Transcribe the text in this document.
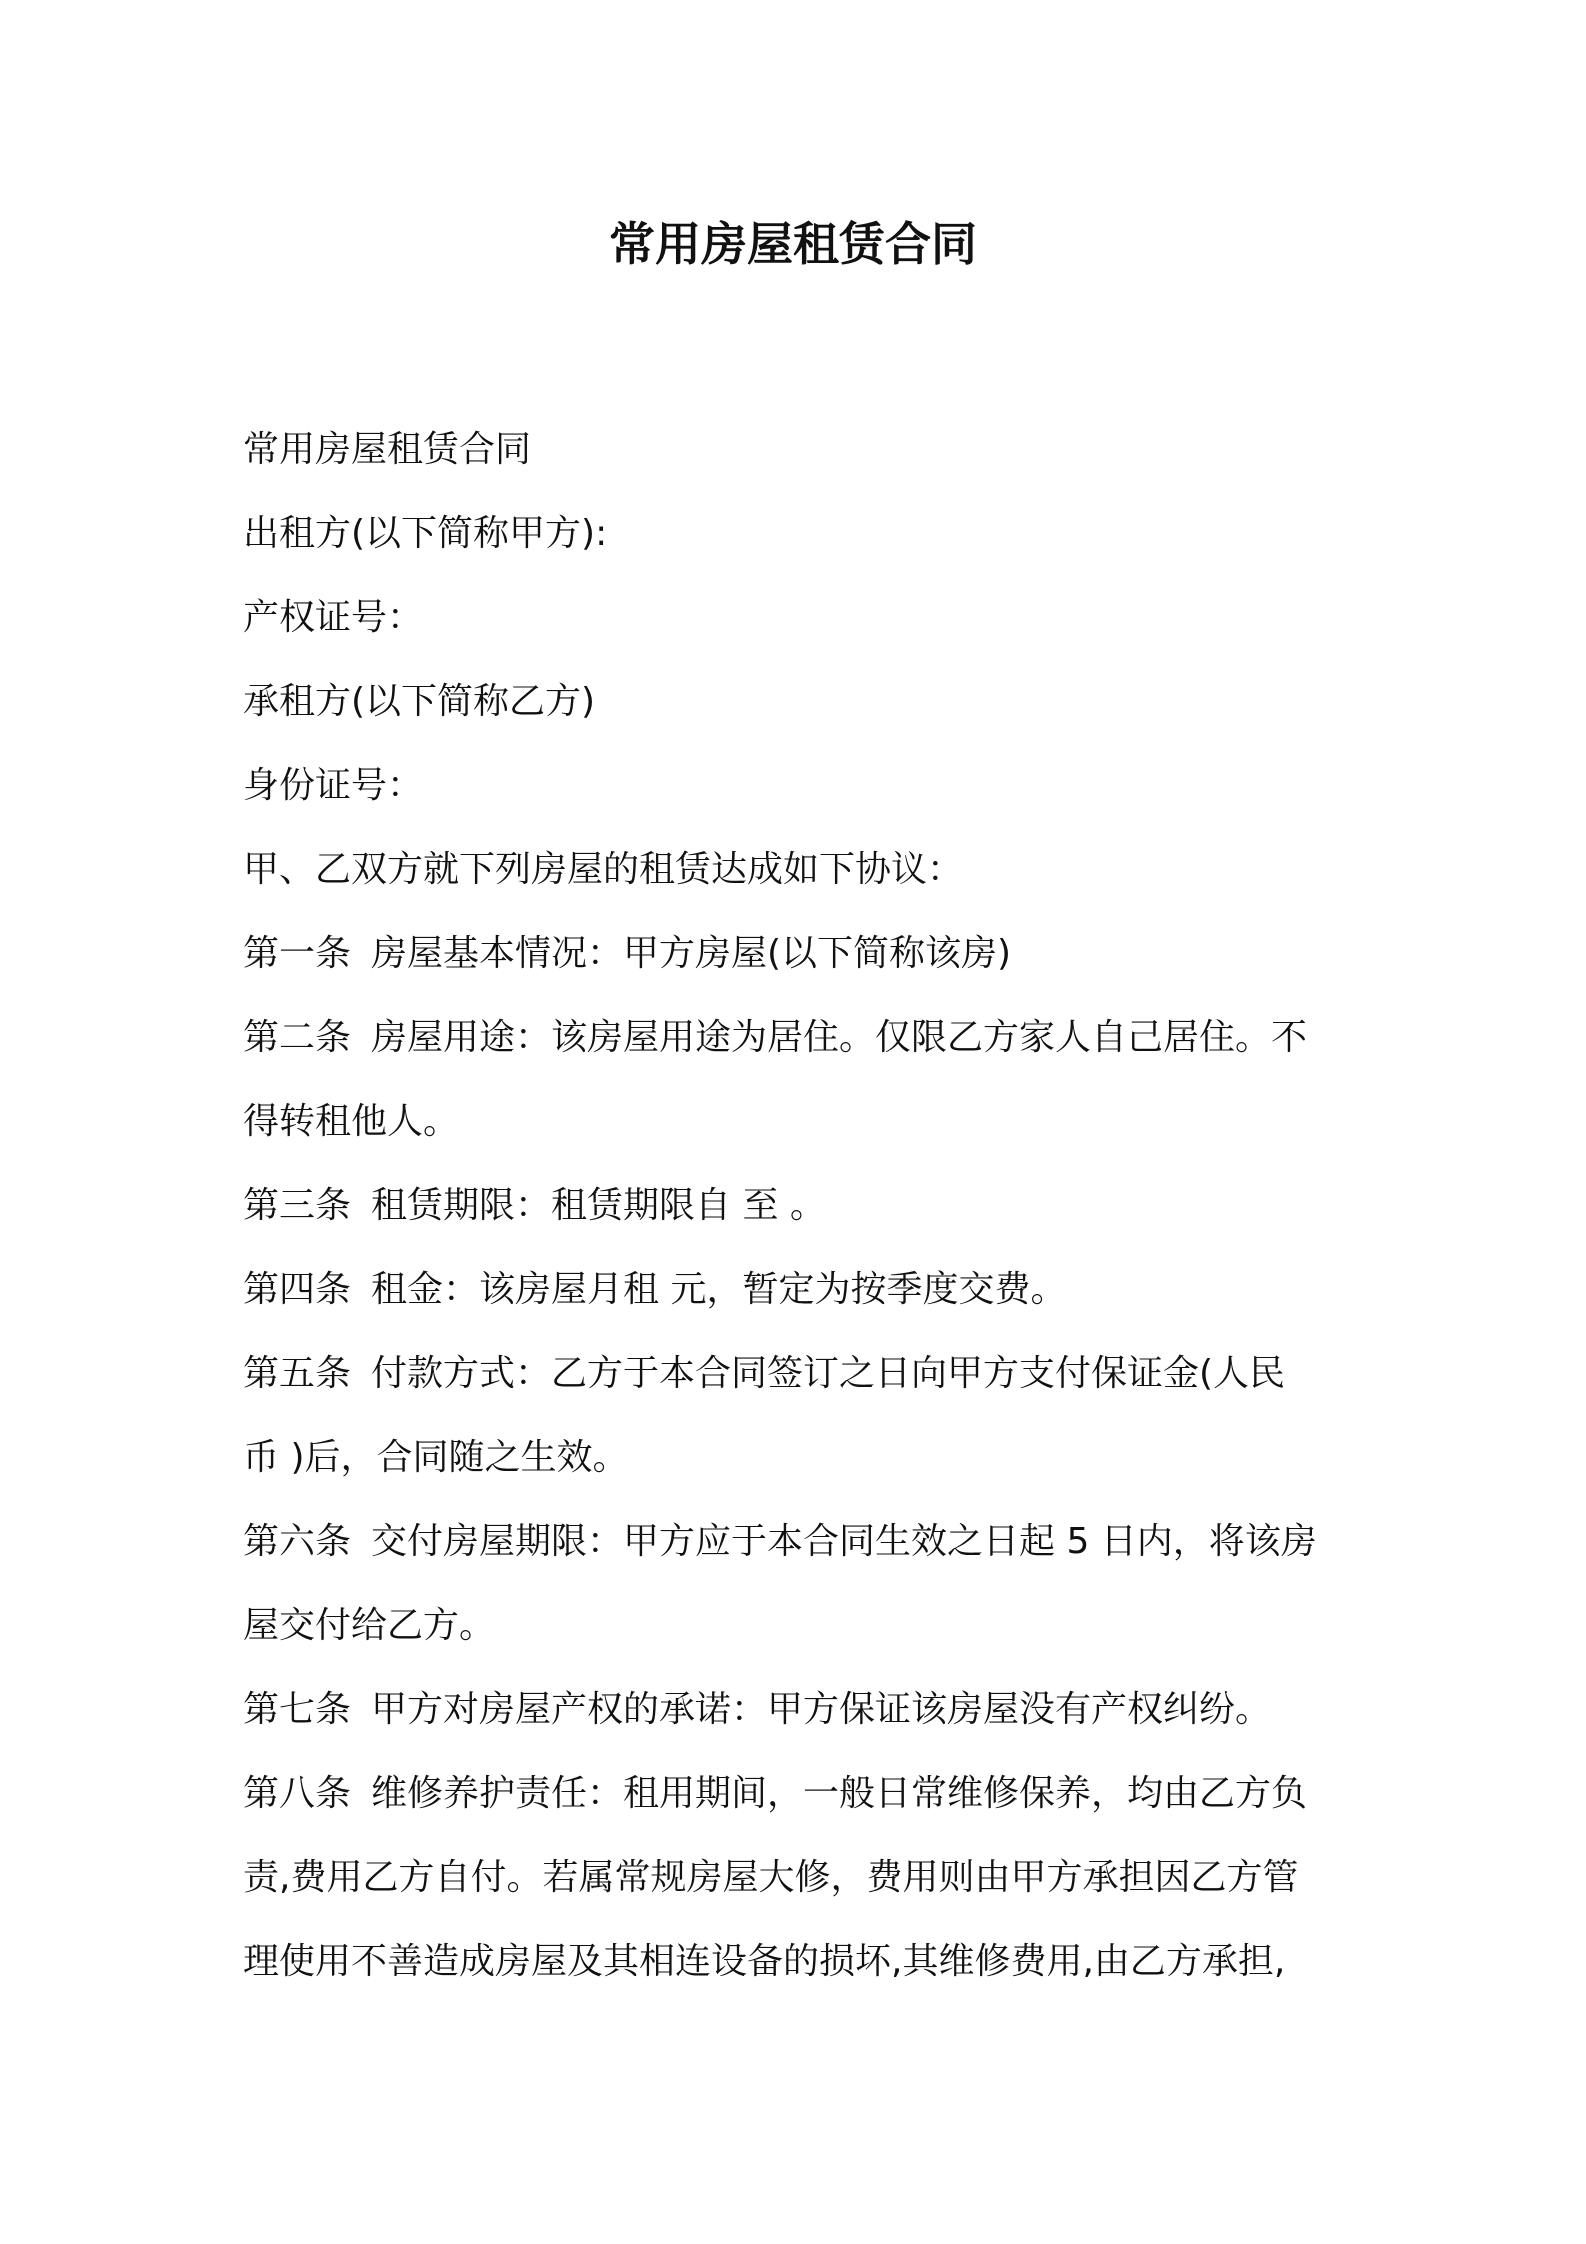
常用房屋租赁合同
常用房屋租赁合同
出租方(以下简称甲方):
产权证号：
承租方(以下简称乙方)
身份证号：
甲、乙双方就下列房屋的租赁达成如下协议：
第一条 房屋基本情况：甲方房屋(以下简称该房)
第二条 房屋用途：该房屋用途为居住。仅限乙方家人自己居住。不
得转租他人。
第三条 租赁期限：租赁期限自 至 。
第四条 租金：该房屋月租 元，暂定为按季度交费。
第五条 付款方式：乙方于本合同签订之日向甲方支付保证金(人民
币 )后，合同随之生效。
第六条 交付房屋期限：甲方应于本合同生效之日起 5 日内，将该房
屋交付给乙方。
第七条 甲方对房屋产权的承诺：甲方保证该房屋没有产权纠纷。
第八条 维修养护责任：租用期间，一般日常维修保养，均由乙方负
责,费用乙方自付。若属常规房屋大修，费用则由甲方承担因乙方管
理使用不善造成房屋及其相连设备的损坏,其维修费用,由乙方承担,
